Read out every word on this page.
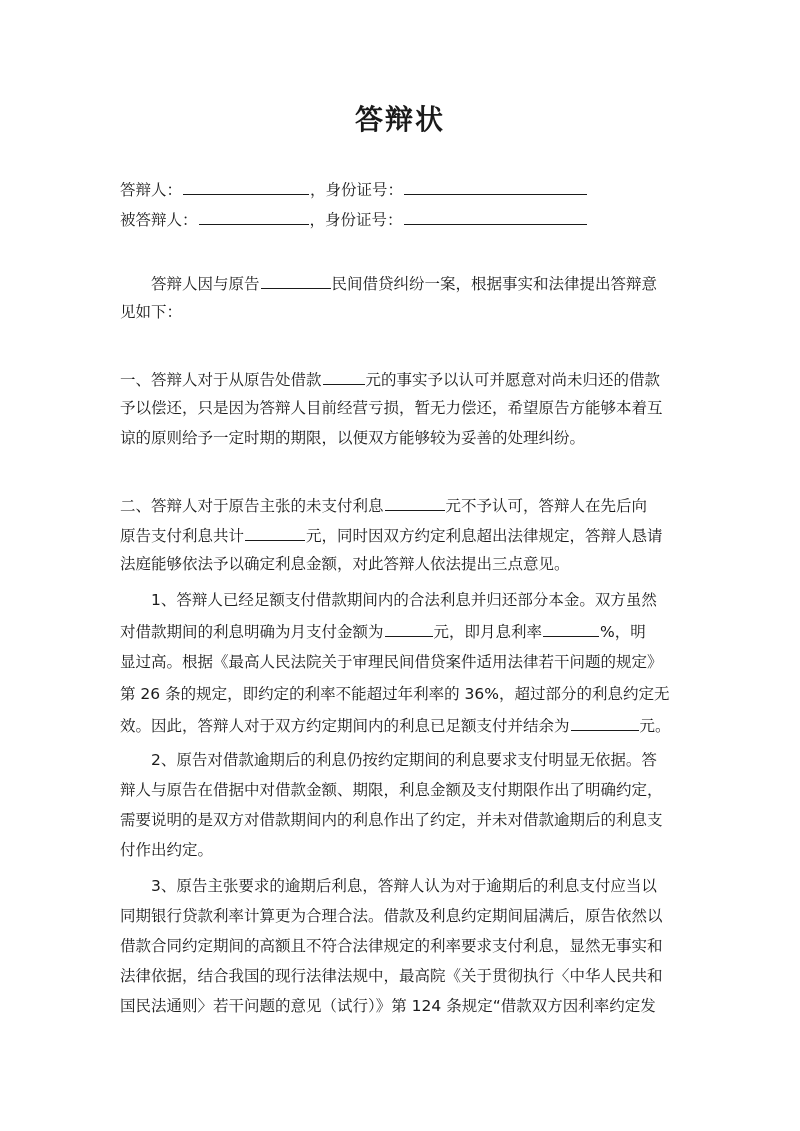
答辩状
答辩人：	，身份证号：
被答辩人：	，身份证号：
答辩人因与原告	民间借贷纠纷一案，根据事实和法律提出答辩意
见如下：
一、答辩人对于从原告处借款	元的事实予以认可并愿意对尚未归还的借款
予以偿还，只是因为答辩人目前经营亏损，暂无力偿还，希望原告方能够本着互
谅的原则给予一定时期的期限，以便双方能够较为妥善的处理纠纷。
二、答辩人对于原告主张的未支付利息	元不予认可，答辩人在先后向
原告支付利息共计	元，同时因双方约定利息超出法律规定，答辩人恳请
法庭能够依法予以确定利息金额，对此答辩人依法提出三点意见。
1、答辩人已经足额支付借款期间内的合法利息并归还部分本金。双方虽然
对借款期间的利息明确为月支付金额为	元，即月息利率	%，明
显过高。根据《最高人民法院关于审理民间借贷案件适用法律若干问题的规定》
第 26 条的规定，即约定的利率不能超过年利率的 36%，超过部分的利息约定无
效。因此，答辩人对于双方约定期间内的利息已足额支付并结余为	元。
2、原告对借款逾期后的利息仍按约定期间的利息要求支付明显无依据。答
辩人与原告在借据中对借款金额、期限，利息金额及支付期限作出了明确约定，
需要说明的是双方对借款期间内的利息作出了约定，并未对借款逾期后的利息支
付作出约定。
3、原告主张要求的逾期后利息，答辩人认为对于逾期后的利息支付应当以
同期银行贷款利率计算更为合理合法。借款及利息约定期间届满后，原告依然以
借款合同约定期间的高额且不符合法律规定的利率要求支付利息，显然无事实和
法律依据，结合我国的现行法律法规中，最高院《关于贯彻执行〈中华人民共和
国民法通则〉若干问题的意见（试行）》第 124 条规定“借款双方因利率约定发
